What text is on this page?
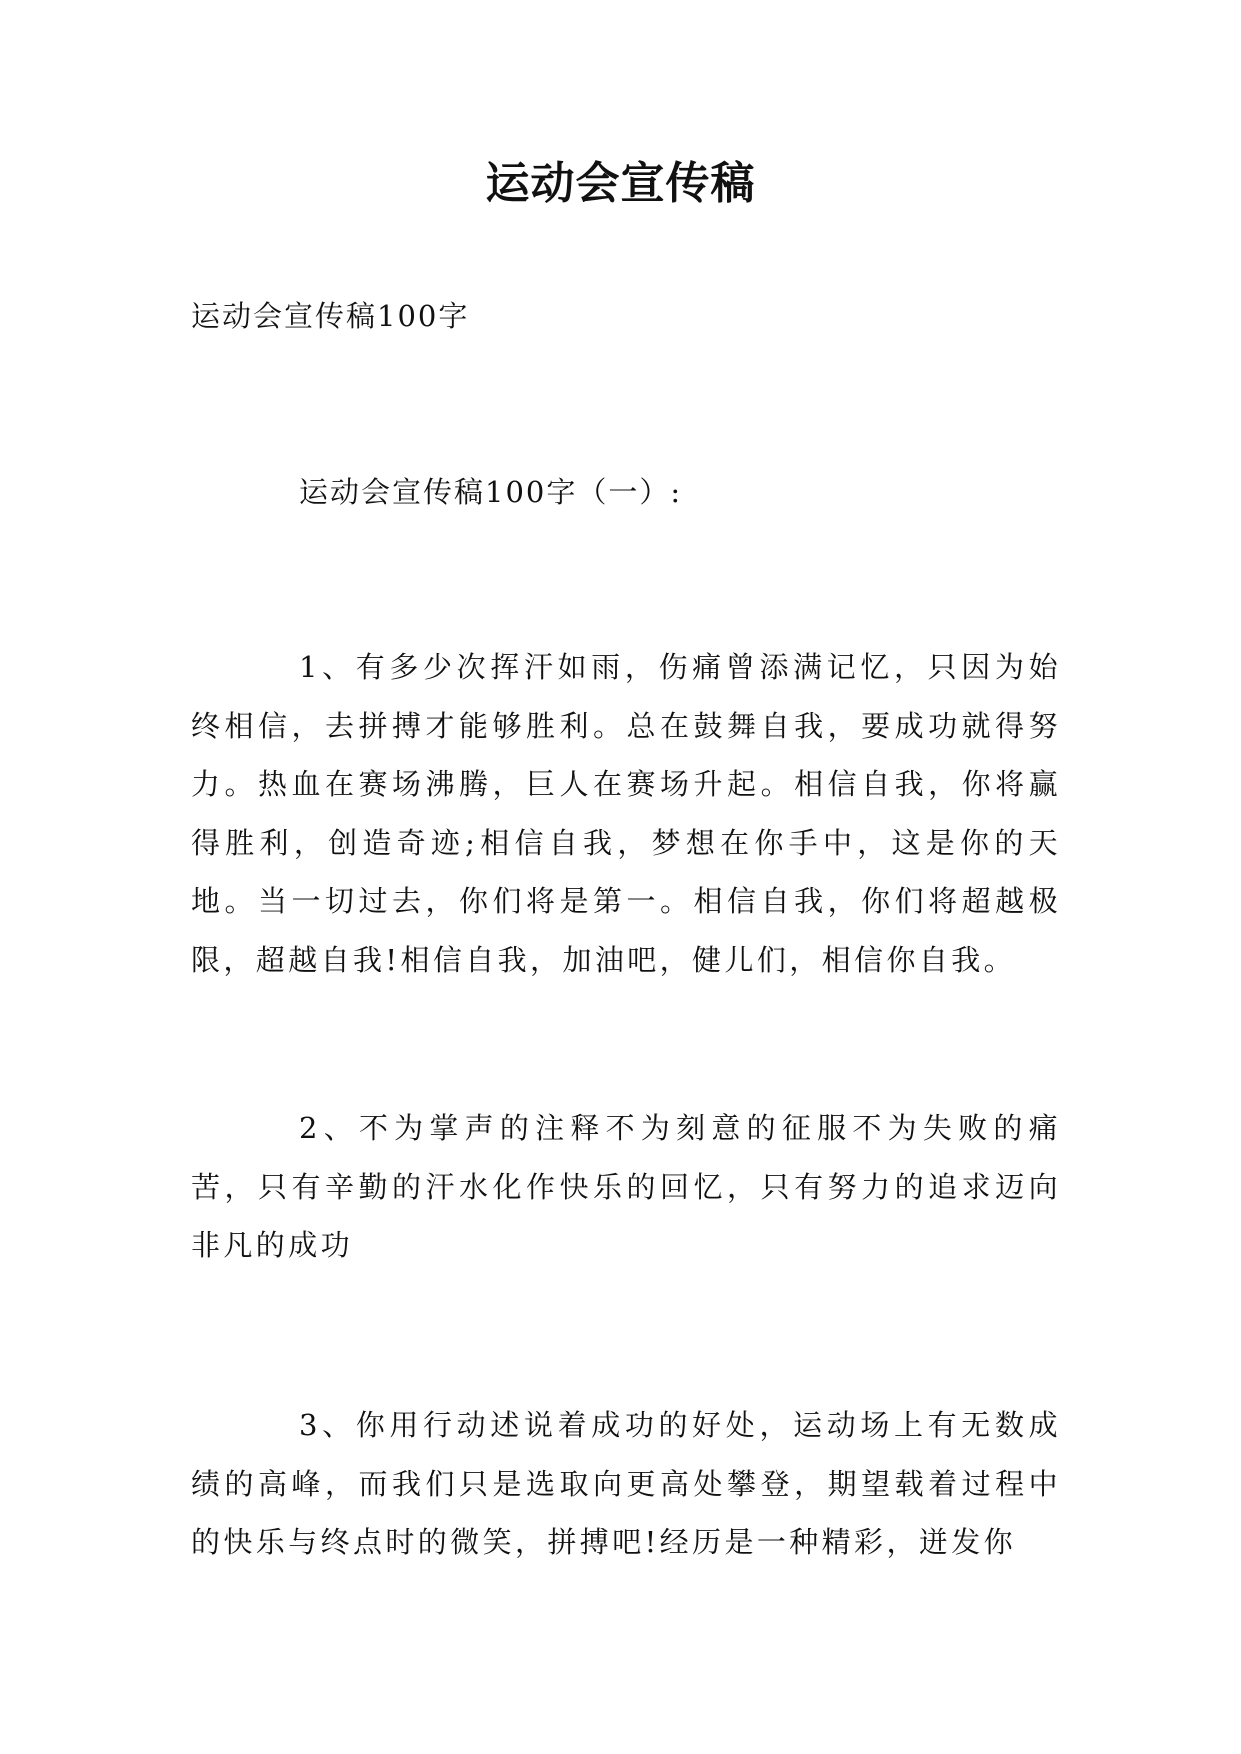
运动会宣传稿
运动会宣传稿100字
运动会宣传稿100字（一）:

1、有多少次挥汗如雨，伤痛曾添满记忆，只因为始终相信，去拼搏才能够胜利。总在鼓舞自我，要成功就得努力。热血在赛场沸腾，巨人在赛场升起。相信自我，你将赢得胜利，创造奇迹;相信自我，梦想在你手中，这是你的天地。当一切过去，你们将是第一。相信自我，你们将超越极限，超越自我!相信自我，加油吧，健儿们，相信你自我。

2、不为掌声的注释不为刻意的征服不为失败的痛苦，只有辛勤的汗水化作快乐的回忆，只有努力的追求迈向非凡的成功

3、你用行动述说着成功的好处，运动场上有无数成绩的高峰，而我们只是选取向更高处攀登，期望载着过程中的快乐与终点时的微笑，拼搏吧!经历是一种精彩，迸发你
